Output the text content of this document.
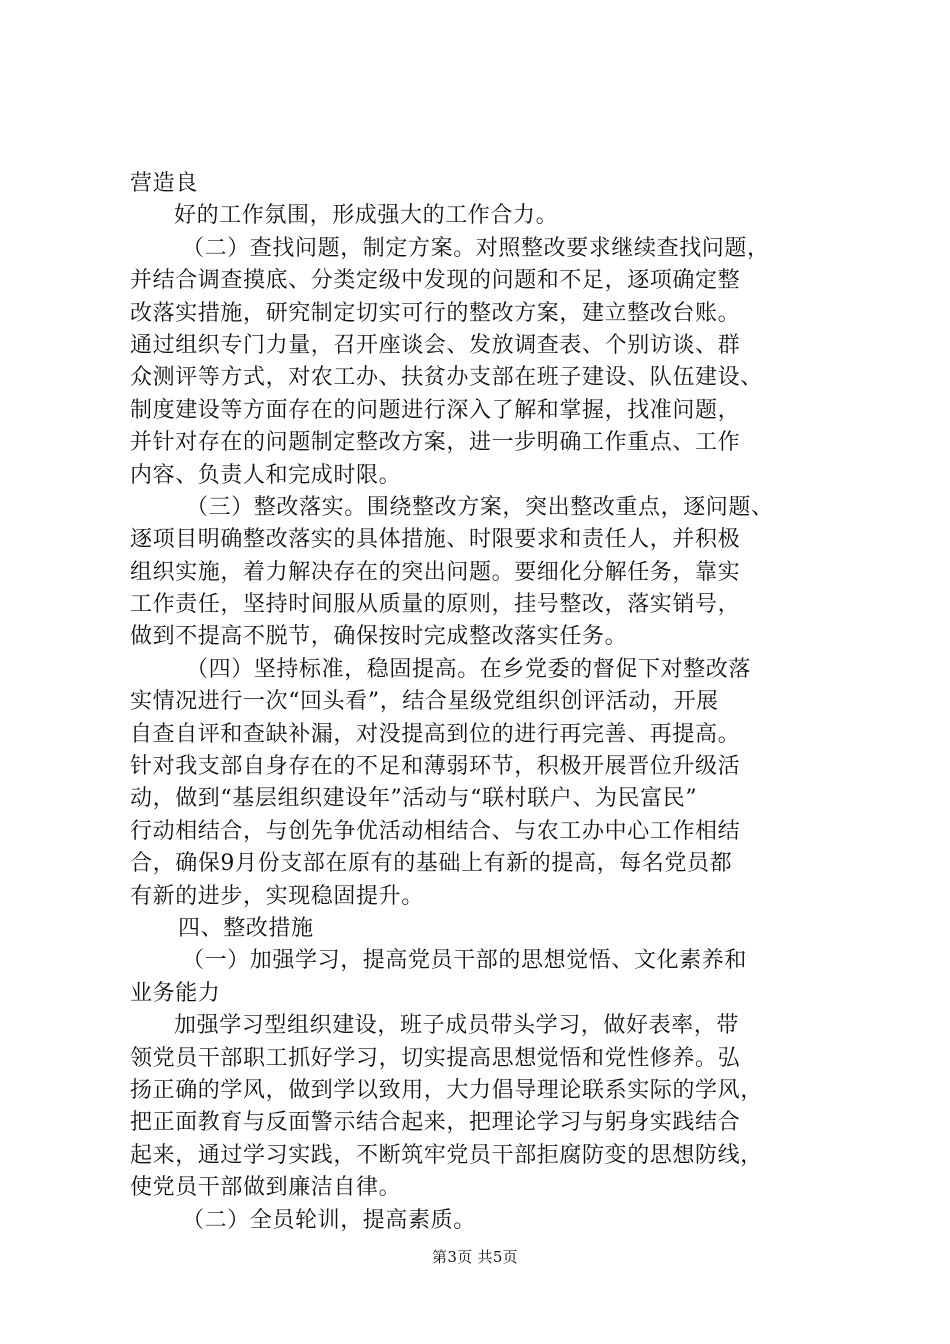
营造良
好的工作氛围，形成强大的工作合力。
（二）查找问题，制定方案。对照整改要求继续查找问题，
并结合调查摸底、分类定级中发现的问题和不足，逐项确定整
改落实措施，研究制定切实可行的整改方案，建立整改台账。
通过组织专门力量，召开座谈会、发放调查表、个别访谈、群
众测评等方式，对农工办、扶贫办支部在班子建设、队伍建设、
制度建设等方面存在的问题进行深入了解和掌握，找准问题，
并针对存在的问题制定整改方案，进一步明确工作重点、工作
内容、负责人和完成时限。
（三）整改落实。围绕整改方案，突出整改重点，逐问题、
逐项目明确整改落实的具体措施、时限要求和责任人，并积极
组织实施，着力解决存在的突出问题。要细化分解任务，靠实
工作责任，坚持时间服从质量的原则，挂号整改，落实销号，
做到不提高不脱节，确保按时完成整改落实任务。
（四）坚持标准，稳固提高。在乡党委的督促下对整改落
实情况进行一次“回头看”，结合星级党组织创评活动，开展
自查自评和查缺补漏，对没提高到位的进行再完善、再提高。
针对我支部自身存在的不足和薄弱环节，积极开展晋位升级活
动，做到“基层组织建设年”活动与“联村联户、为民富民”
行动相结合，与创先争优活动相结合、与农工办中心工作相结
合，确保9月份支部在原有的基础上有新的提高，每名党员都
有新的进步，实现稳固提升。
四、整改措施
（一）加强学习，提高党员干部的思想觉悟、文化素养和
业务能力
加强学习型组织建设，班子成员带头学习，做好表率，带
领党员干部职工抓好学习，切实提高思想觉悟和党性修养。弘
扬正确的学风，做到学以致用，大力倡导理论联系实际的学风，
把正面教育与反面警示结合起来，把理论学习与躬身实践结合
起来，通过学习实践，不断筑牢党员干部拒腐防变的思想防线，
使党员干部做到廉洁自律。
（二）全员轮训，提高素质。
第3页 共5页
